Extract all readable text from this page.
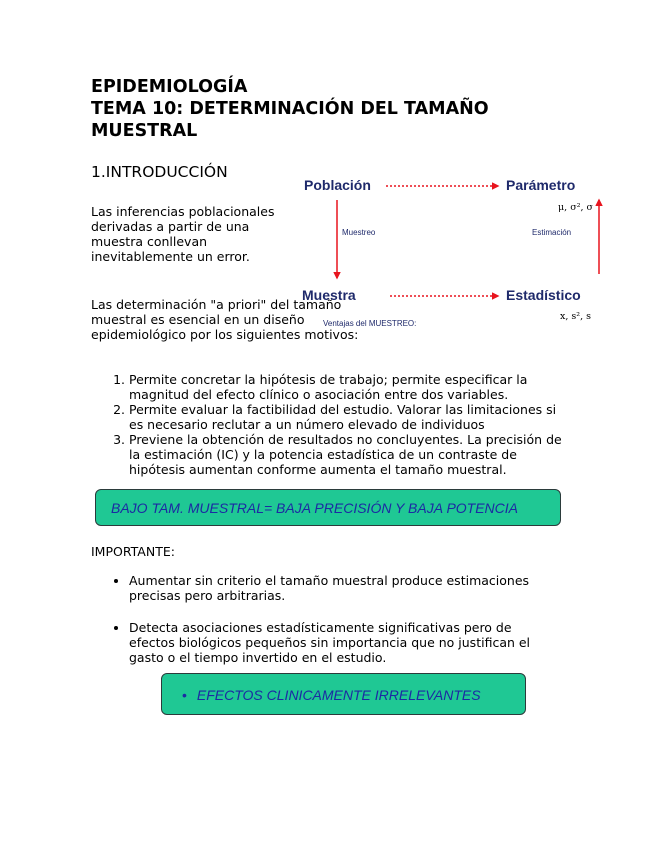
EPIDEMIOLOGÍA
TEMA 10: DETERMINACIÓN DEL TAMAÑO
MUESTRAL
1.INTRODUCCIÓN

Las inferencias poblacionales derivadas a partir de una muestra conllevan inevitablemente un error.

Población	Parámetro
μ, σ², σ
Muestreo	Estimación
Muestra	Estadístico
x, s², s
Ventajas del MUESTREO:

Las determinación "a priori" del tamaño muestral es esencial en un diseño epidemiológico por los siguientes motivos:

1. Permite concretar la hipótesis de trabajo; permite especificar la magnitud del efecto clínico o asociación entre dos variables.
2. Permite evaluar la factibilidad del estudio. Valorar las limitaciones si es necesario reclutar a un número elevado de individuos
3. Previene la obtención de resultados no concluyentes. La precisión de la estimación (IC) y la potencia estadística de un contraste de hipótesis aumentan conforme aumenta el tamaño muestral.
BAJO TAM. MUESTRAL= BAJA PRECISIÓN Y BAJA POTENCIA

IMPORTANTE:

• Aumentar sin criterio el tamaño muestral produce estimaciones precisas pero arbitrarias.
• Detecta asociaciones estadísticamente significativas pero de efectos biológicos pequeños sin importancia que no justifican el gasto o el tiempo invertido en el estudio.
• EFECTOS CLINICAMENTE IRRELEVANTES
